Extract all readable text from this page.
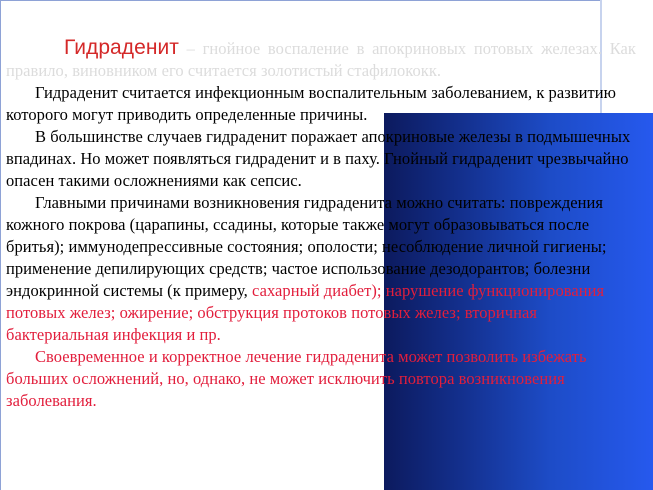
Гидраденит – гнойное воспаление в апокриновых потовых железах. Как правило, виновником его считается золотистый стафилококк.

Гидраденит считается инфекционным воспалительным заболеванием, к развитию которого могут приводить определенные причины.

В большинстве случаев гидраденит поражает апокриновые железы в подмышечных впадинах. Но может появляться гидраденит и в паху. Гнойный гидраденит чрезвычайно опасен такими осложнениями как сепсис.

Главными причинами возникновения гидраденита можно считать: повреждения кожного покрова (царапины, ссадины, которые также могут образовываться после бритья); иммунодепрессивные состояния; ополости; несоблюдение личной гигиены; применение депилирующих средств; частое использование дезодорантов; болезни эндокринной системы (к примеру, сахарный диабет); нарушение функционирования потовых желез; ожирение; обструкция протоков потовых желез; вторичная бактериальная инфекция и пр.

Своевременное и корректное лечение гидраденита может позволить избежать больших осложнений, но, однако, не может исключить повтора возникновения заболевания.
